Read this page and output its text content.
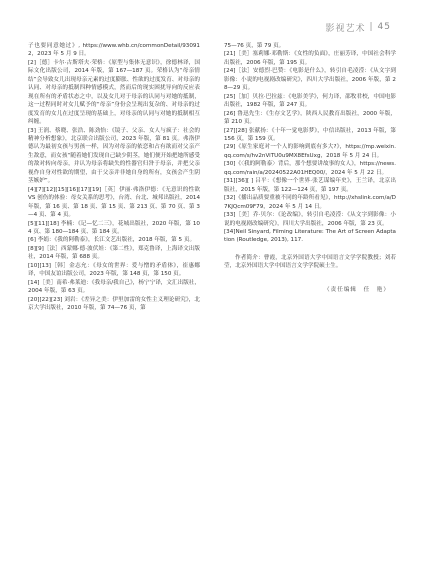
影视艺术 | 45

子也要同意她过》, https://www.whb.cn/commonDetail/930912，2023 年 5 月 9 日。

[2]［德］卡尔·古斯塔夫·荣格：《原型与集体无意识》，徐德林译，国际文化出版公司，2014 年版，第 167—187 页。荣格认为“母亲情结”会导致女儿出现母亲元素的过度膨胀、性欲的过度发育、对母亲的认同、对母亲的抵制四种情感模式，然而后的现实困扰导向的反应表现在所有的矛盾状态之中，以及女儿对于母亲的认同与对她的抵制，这一过程同时对女儿赋予的“母亲”身份会呈现出复杂的、对母亲的过度发育的女儿在过度呈现的基础上，对母亲的认同与对她的抵制相互纠缠。

[3] 王润、蔡晓、张浩、陈劲怡：《镜子、父亲、女人与疯子：社会的精神分析想象》，北京联合出版公司，2023 年版，第 81 页。弗洛伊德认为最初女孩与男孩一样，因为对母亲的依恋和占有欲而对父亲产生敌意，而女孩“随着她们发现自己缺少阴茎，她们便开始把她所感受的敌对转向母亲，并认为母亲将缺失的性器官归咎于母亲，并把父亲视作自身对性欲的期望，由于父亲并非她自身的所有，女孩会产生阴茎嫉妒”。

[4][7][12][15][16][17][19]［英］伊丽·弗洛伊德：《无意识的性欲 VS 创伤的体验：母女关系的思考》，台湾、台北、城邦出版社，2014 年版，第 16 页、第 18 页、第 15 页、第 213 页、第 70 页、第 3—4 页、第 4 页。

[5][11][18] 李楠：《记—忆二三》，花城出版社，2020 年版，第 104 页、第 180—184 页、第 184 页。

[6] 李娟：《我的阿勒泰》，长江文艺出版社，2018 年版，第 5 页。

[8][9]［法］西蒙娜·德·波伏娃：《第二性》，郑克鲁译，上海译文出版社，2014 年版，第 688 页。

[10][13]［韩］金志允：《母女的世界：爱与憎的矛盾体》，崔惠娜译，中国友谊出版公司，2023 年版，第 148 页，第 150 页。

[14]［美］南希·弗莱迪：《我母亲/我自己》，杨宁宁译，文汇出版社，2004 年版，第 63 页。

[20][22][23] 刘岩：《差异之美：伊里加雷的女性主义理论研究》，北京大学出版社，2010 年版，第 74—76 页，第

75—76 页，第 79 页。

[21]［美］塞莉娜·邓勒斯：《女性的负面》，庄丽芳译，中国社会科学出版社，2006 年版，第 195 页。

[24]［法］安德烈·巴赞：《电影是什么》，转引自毛凌滢：《从文字到影像：小说的电视剧改编研究》，四川大学出版社，2006 年版，第 28—29 页。

[25]［加］贝拉·巴拉兹：《电影美学》，何力译，邵牧君校，中国电影出版社，1982 年版，第 247 页。

[26] 鲁迅先生：《生存文艺学》，陕西人民教育出版社，2000 年版，第 210 页。

[27][28] 张献扬：《十年一觉电影梦》，中信出版社，2013 年版，第 156 页，第 159 页。

[29]《原生家庭对一个人的影响到底有多大?》，https://mp.weixin.qq.com/s/hv2nViTU0u9MX8EfsUxg，2018 年 5 月 24 日。

[30]《〈我的阿勒泰〉背后，那个想要讲故事的女人》，https://news.qq.com/rain/a/20240522A01HEQ00/，2024 年 5 月 22 日。

[31][36][ ] 吕平：《想像一个世界·张艺谋编年史》，王兰译，北京出版社，2015 年版，第 122—124 页，第 197 页。

[32]《播出品质要重被不同的年龄所看见》，http://xhslink.com/a/D7KJQcm09F79，2024 年 5 月 14 日。

[33]［美］乔·贝尔：《论改编》，转引自毛凌滢：《从文字到影像：小说的电视剧改编研究》，四川大学出版社，2006 年版，第 23 页。

[34]Neil Sinyard, Filming Literature: The Art of Screen Adaptation (Routledge, 2013), 117.

作者简介：曹霞，北京外国语大学中国语言文学学院教授；刘若莹，北京外国语大学中国语言文学学院硕士生。

（责任编辑　任　艳）
